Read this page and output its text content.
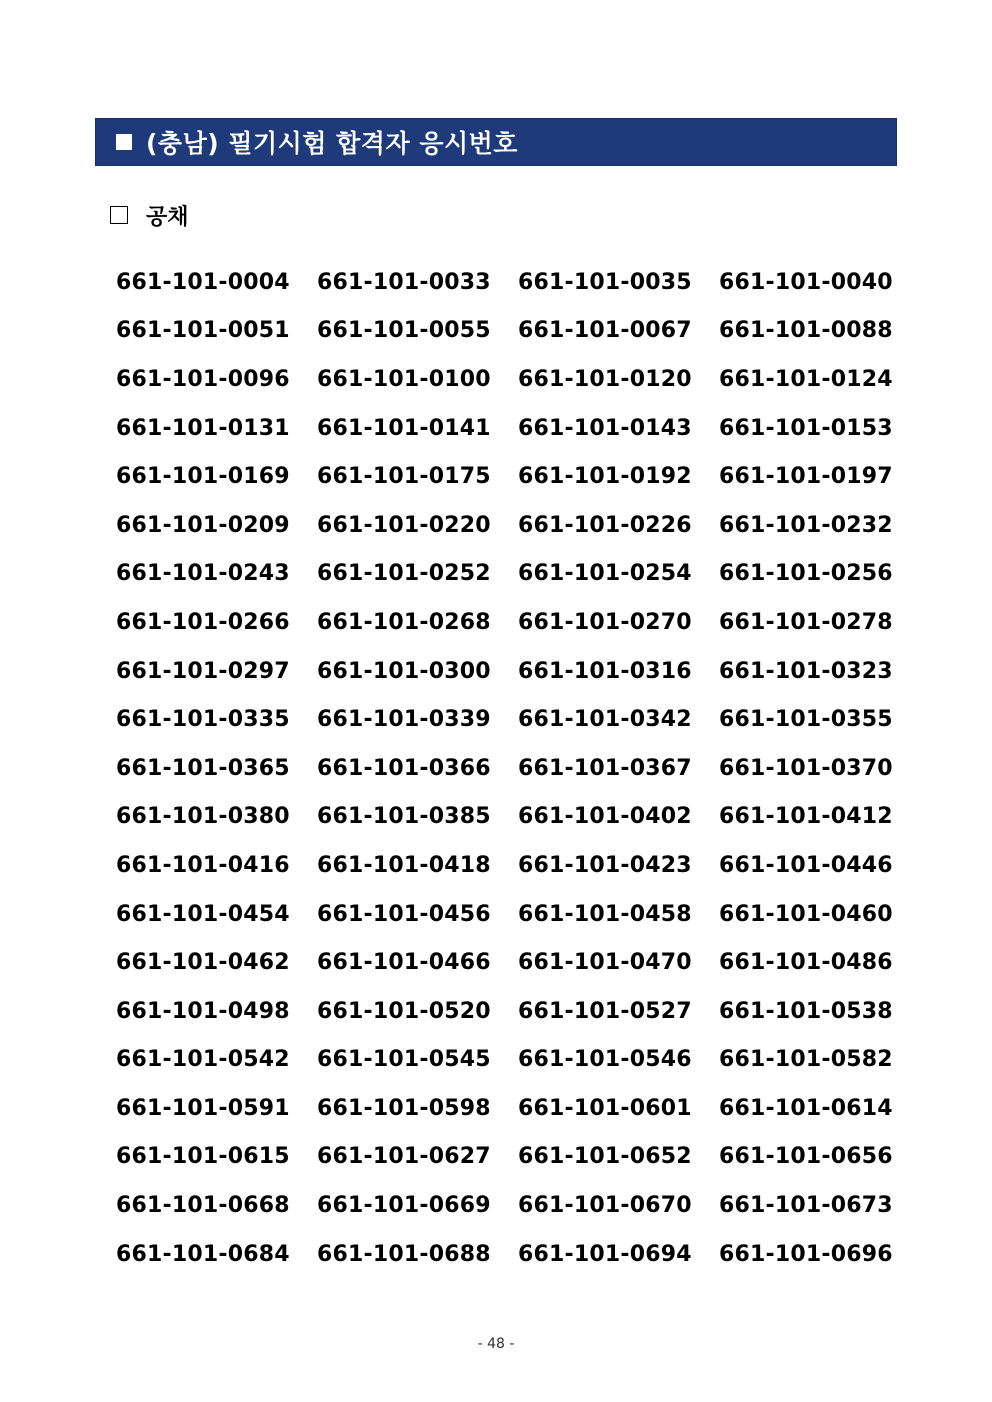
(충남) 필기시험 합격자 응시번호
공채
661-101-0004	661-101-0033	661-101-0035	661-101-0040
661-101-0051	661-101-0055	661-101-0067	661-101-0088
661-101-0096	661-101-0100	661-101-0120	661-101-0124
661-101-0131	661-101-0141	661-101-0143	661-101-0153
661-101-0169	661-101-0175	661-101-0192	661-101-0197
661-101-0209	661-101-0220	661-101-0226	661-101-0232
661-101-0243	661-101-0252	661-101-0254	661-101-0256
661-101-0266	661-101-0268	661-101-0270	661-101-0278
661-101-0297	661-101-0300	661-101-0316	661-101-0323
661-101-0335	661-101-0339	661-101-0342	661-101-0355
661-101-0365	661-101-0366	661-101-0367	661-101-0370
661-101-0380	661-101-0385	661-101-0402	661-101-0412
661-101-0416	661-101-0418	661-101-0423	661-101-0446
661-101-0454	661-101-0456	661-101-0458	661-101-0460
661-101-0462	661-101-0466	661-101-0470	661-101-0486
661-101-0498	661-101-0520	661-101-0527	661-101-0538
661-101-0542	661-101-0545	661-101-0546	661-101-0582
661-101-0591	661-101-0598	661-101-0601	661-101-0614
661-101-0615	661-101-0627	661-101-0652	661-101-0656
661-101-0668	661-101-0669	661-101-0670	661-101-0673
661-101-0684	661-101-0688	661-101-0694	661-101-0696
- 48 -
